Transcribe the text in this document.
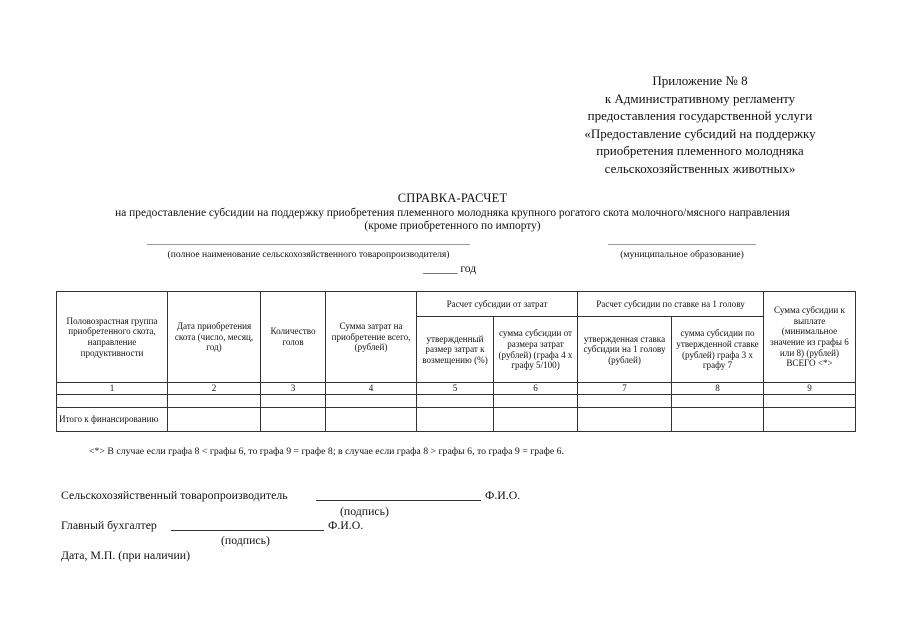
Приложение № 8
к Административному регламенту
предоставления государственной услуги
«Предоставление субсидий на поддержку
приобретения племенного молодняка
сельскохозяйственных животных»
СПРАВКА-РАСЧЕТ
на предоставление субсидии на поддержку приобретения племенного молодняка крупного рогатого скота молочного/мясного направления
(кроме приобретенного по импорту)
(полное наименование сельскохозяйственного товаропроизводителя)	(муниципальное образование)
______ год
Половозрастная группа приобретенного скота, направление продуктивности	Дата приобретения скота (число, месяц, год)	Количество голов	Сумма затрат на приобретение всего, (рублей)	Расчет субсидии от затрат		Расчет субсидии по ставке на 1 голову		Сумма субсидии к выплате (минимальное значение из графы 6 или 8) (рублей) ВСЕГО <*>
				утвержденный размер затрат к возмещению (%)	сумма субсидии от размера затрат (рублей) (графа 4 x графу 5/100)	утвержденная ставка субсидии на 1 голову (рублей)	сумма субсидии по утвержденной ставке (рублей) графа 3 x графу 7	
1	2	3	4	5	6	7	8	9

Итого к финансированию								
<*> В случае если графа 8 < графы 6, то графа 9 = графе 8; в случае если графа 8 > графы 6, то графа 9 = графе 6.
Сельскохозяйственный товаропроизводитель	Ф.И.О.
(подпись)
Главный бухгалтер	Ф.И.О.
(подпись)
Дата, М.П. (при наличии)
